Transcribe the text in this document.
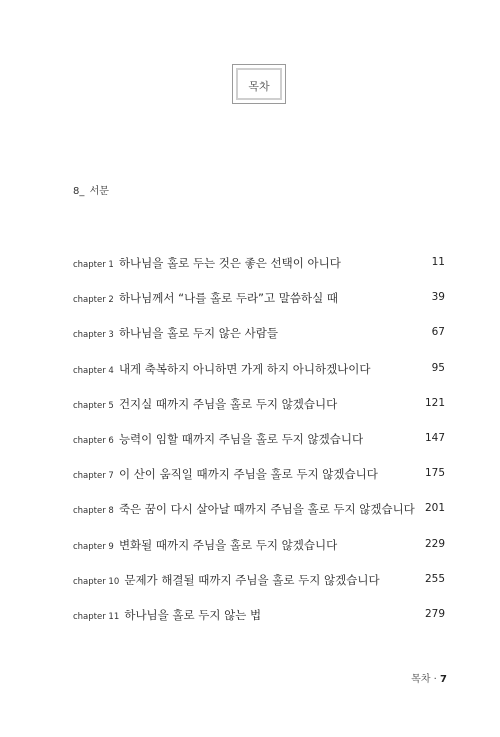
목차
8_ 서문
chapter 1 하나님을 홀로 두는 것은 좋은 선택이 아니다	11
chapter 2 하나님께서 “나를 홀로 두라”고 말씀하실 때	39
chapter 3 하나님을 홀로 두지 않은 사람들	67
chapter 4 내게 축복하지 아니하면 가게 하지 아니하겠나이다	95
chapter 5 건지실 때까지 주님을 홀로 두지 않겠습니다	121
chapter 6 능력이 임할 때까지 주님을 홀로 두지 않겠습니다	147
chapter 7 이 산이 움직일 때까지 주님을 홀로 두지 않겠습니다	175
chapter 8 죽은 꿈이 다시 살아날 때까지 주님을 홀로 두지 않겠습니다 201
chapter 9 변화될 때까지 주님을 홀로 두지 않겠습니다	229
chapter 10 문제가 해결될 때까지 주님을 홀로 두지 않겠습니다	255
chapter 11 하나님을 홀로 두지 않는 법	279
목차 · 7
